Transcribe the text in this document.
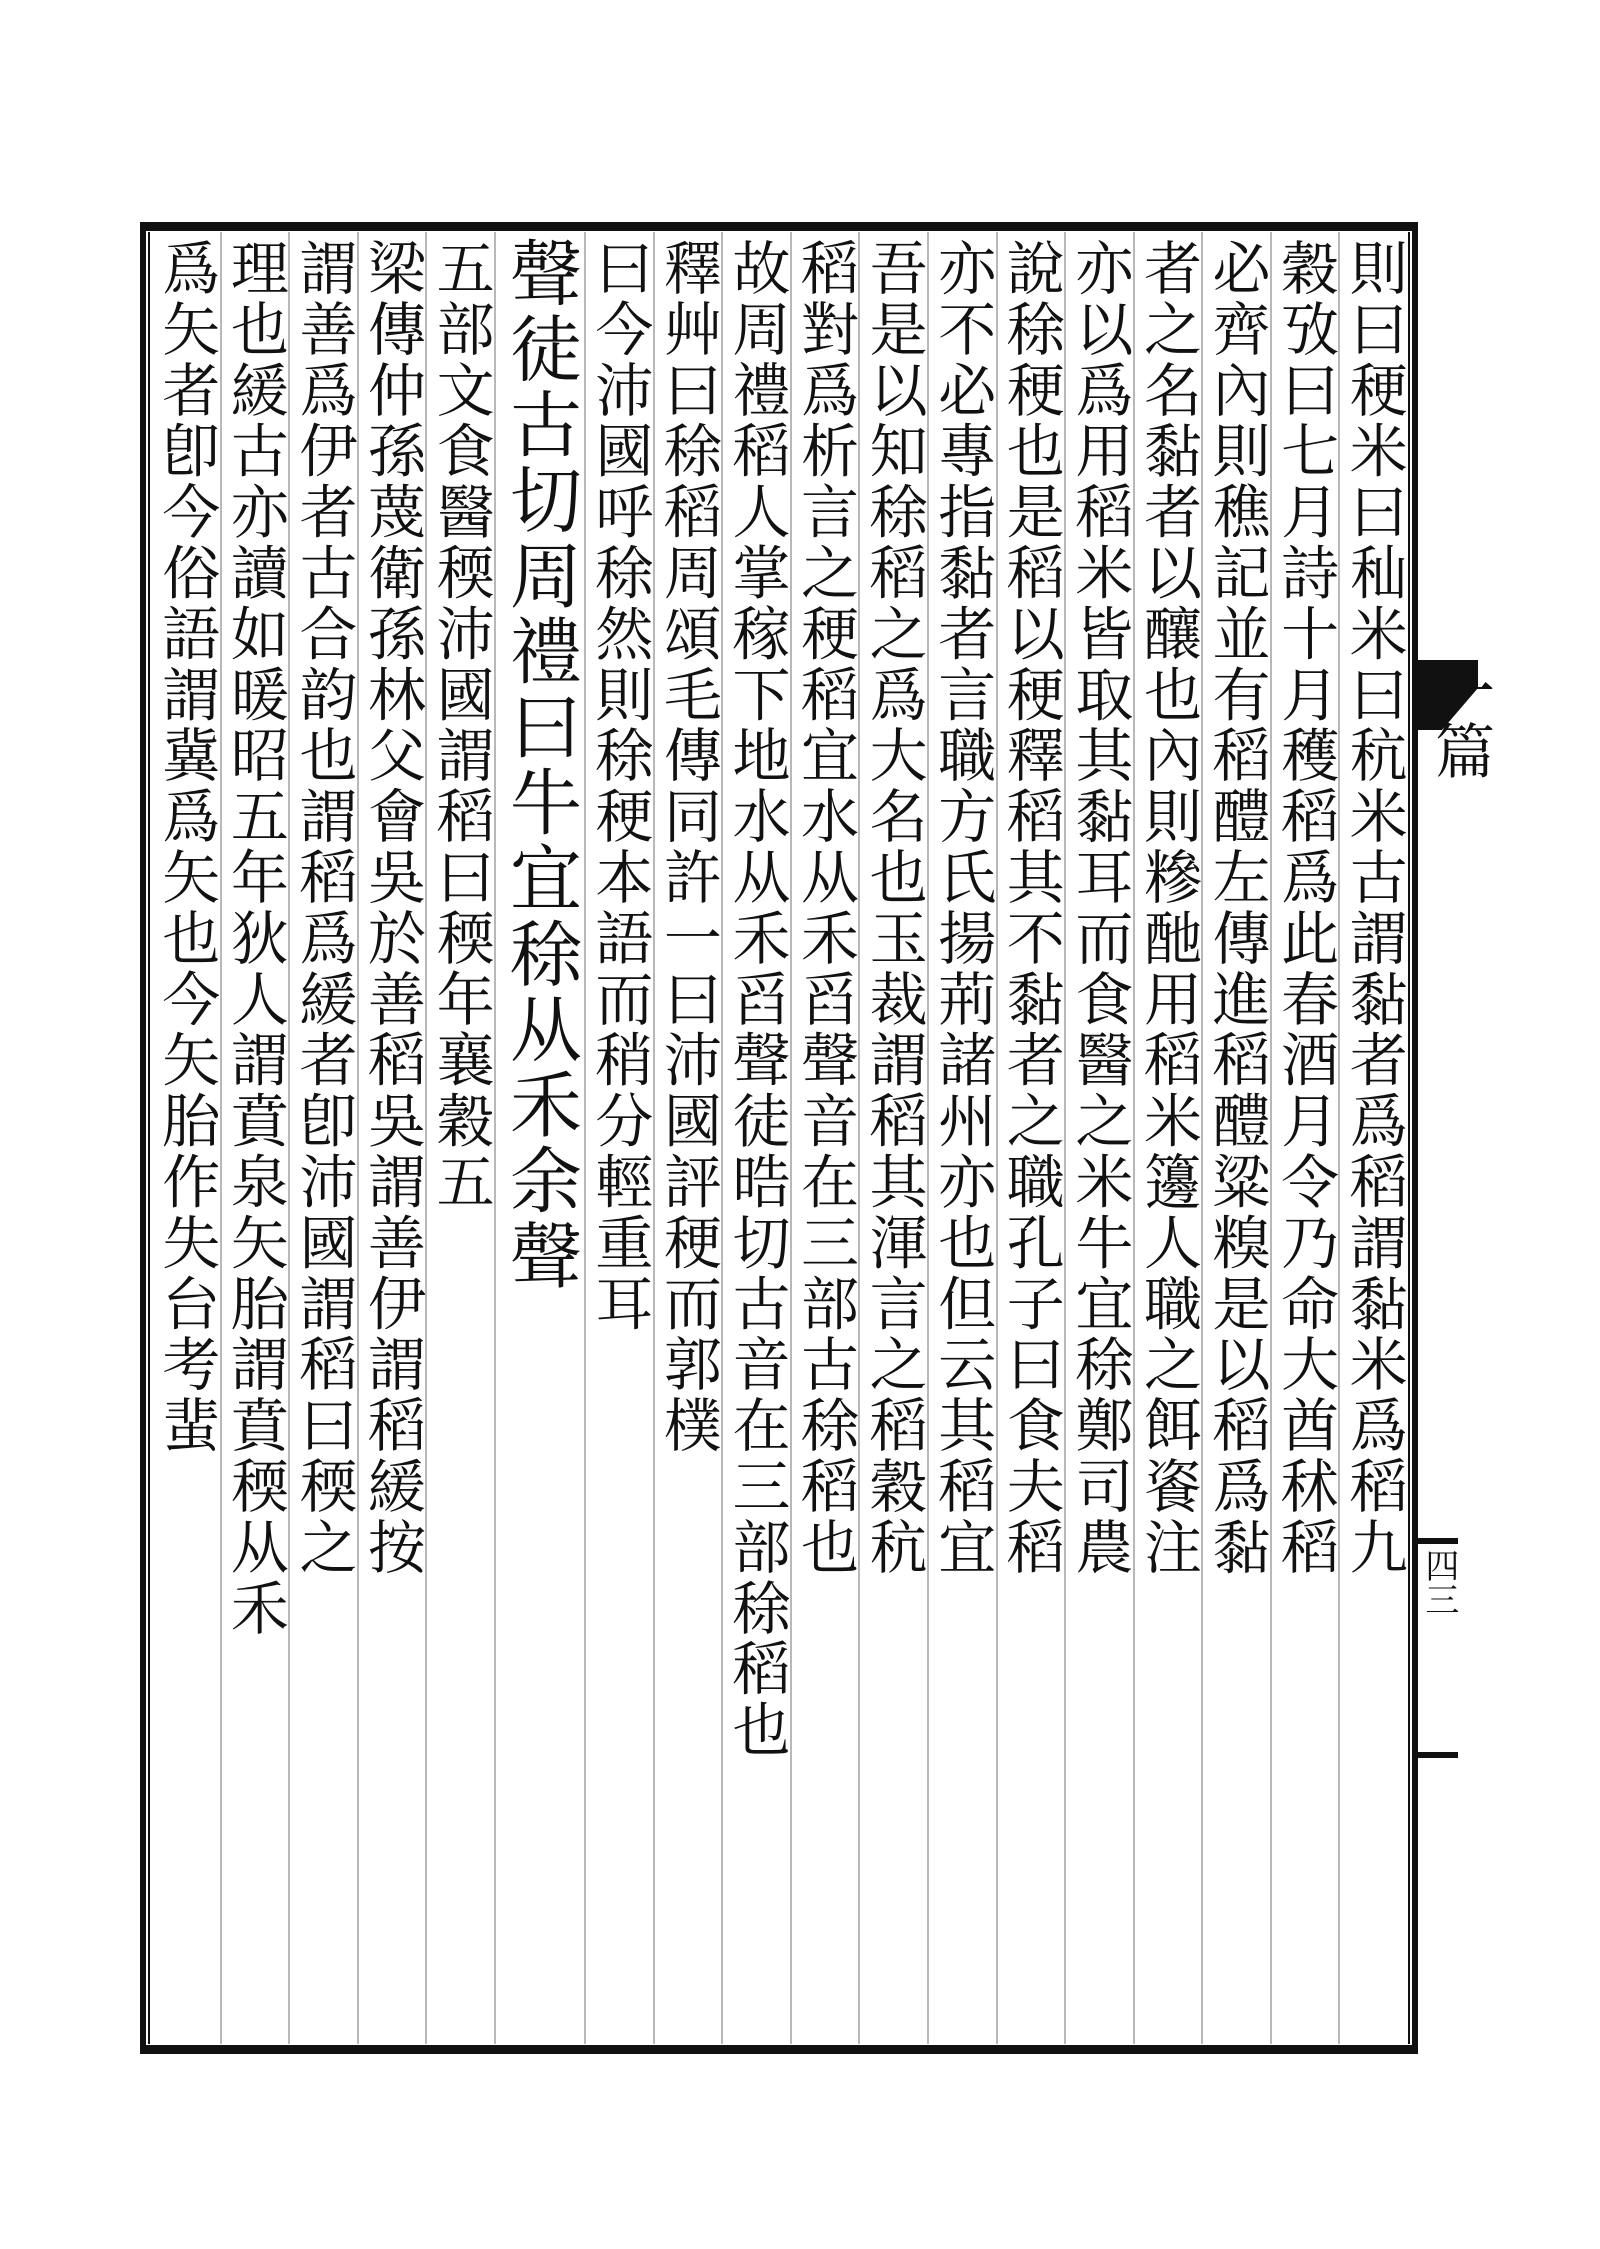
則曰稉米曰秈米曰秔米古謂黏者爲稻謂黏米爲稻九
穀攷曰七月詩十月穫稻爲此春酒月令乃命大酋秫稻
必齊內則穛記並有稻醴左傳進稻醴粱糗是以稻爲黏
者之名黏者以釀也內則糝酏用稻米籩人職之餌餈注
亦以爲用稻米皆取其黏耳而食醫之米牛宜稌鄭司農
說稌稉也是稻以稉釋稻其不黏者之職孔子曰食夫稻
亦不必專指黏者言職方氏揚荊諸州亦也但云其稻宜
吾是以知稌稻之爲大名也玉裁謂稻其渾言之稻穀秔
稻對爲析言之稉稻宜水从禾舀聲音在三部古稌稻也
故周禮稻人掌稼下地水从禾舀聲徒晧切古音在三部稌稻也
釋艸曰稌稻周頌毛傳同許一曰沛國評稉而郭樸
曰今沛國呼稌然則稌稉本語而稍分輕重耳
聲徒古切周禮曰牛宜稌从禾余聲
五部文食醫稬沛國謂稻曰稬年襄穀五
梁傳仲孫蔑衛孫林父會吳於善稻吳謂善伊謂稻緩按
謂善爲伊者古合韵也謂稻爲緩者卽沛國謂稻曰稬之
理也緩古亦讀如暖昭五年狄人謂賁泉矢胎謂賁稬从禾
爲矢者卽今俗語謂冀爲矢也今矢胎作失台考蜚	一篇
四三
